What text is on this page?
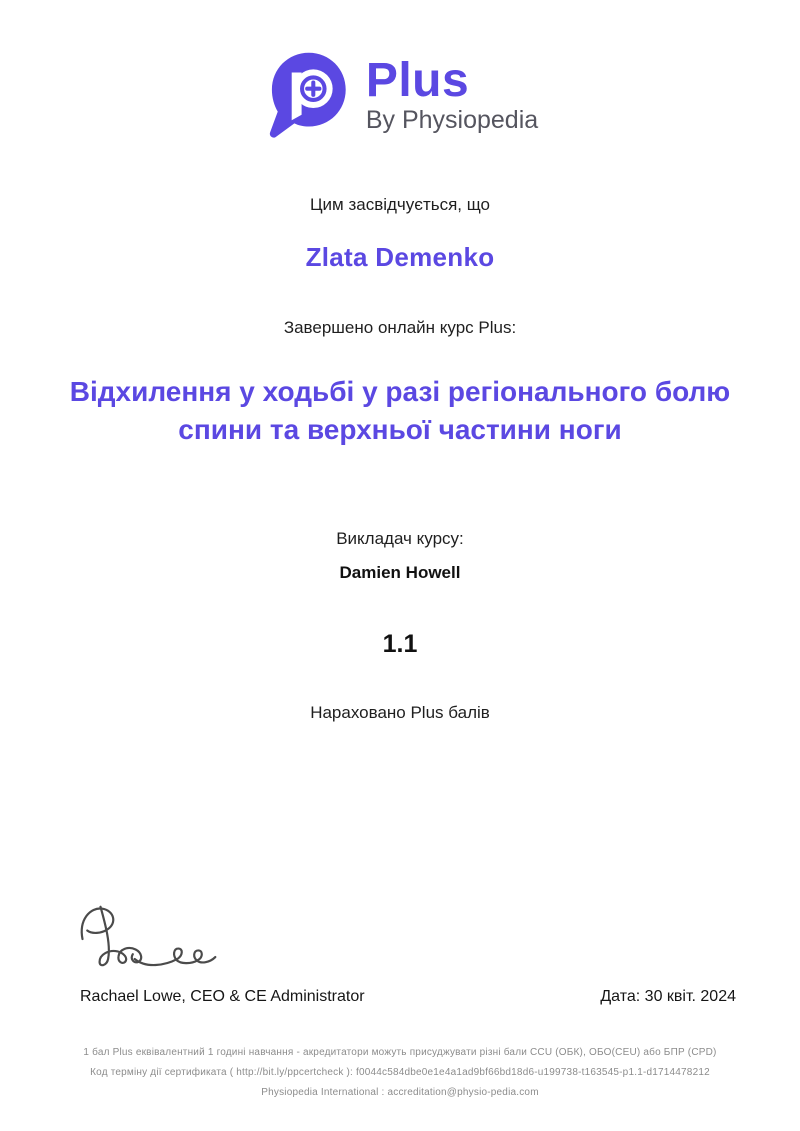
Plus
By Physiopedia

Цим засвідчується, що

Zlata Demenko

Завершено онлайн курс Plus:

Відхилення у ходьбі у разі регіонального болю спини та верхньої частини ноги

Викладач курсу:

Damien Howell

1.1

Нараховано Plus балів

Rachael Lowe, CEO & CE Administrator	Дата: 30 квіт. 2024
1 бал Plus еквівалентний 1 годині навчання - акредитатори можуть присуджувати різні бали CCU (ОБК), ОБО(CEU) або БПР (CPD)
Код терміну дії сертификата ( http://bit.ly/ppcertcheck ): f0044c584dbe0e1e4a1ad9bf66bd18d6-u199738-t163545-p1.1-d1714478212
Physiopedia International : accreditation@physio-pedia.com
